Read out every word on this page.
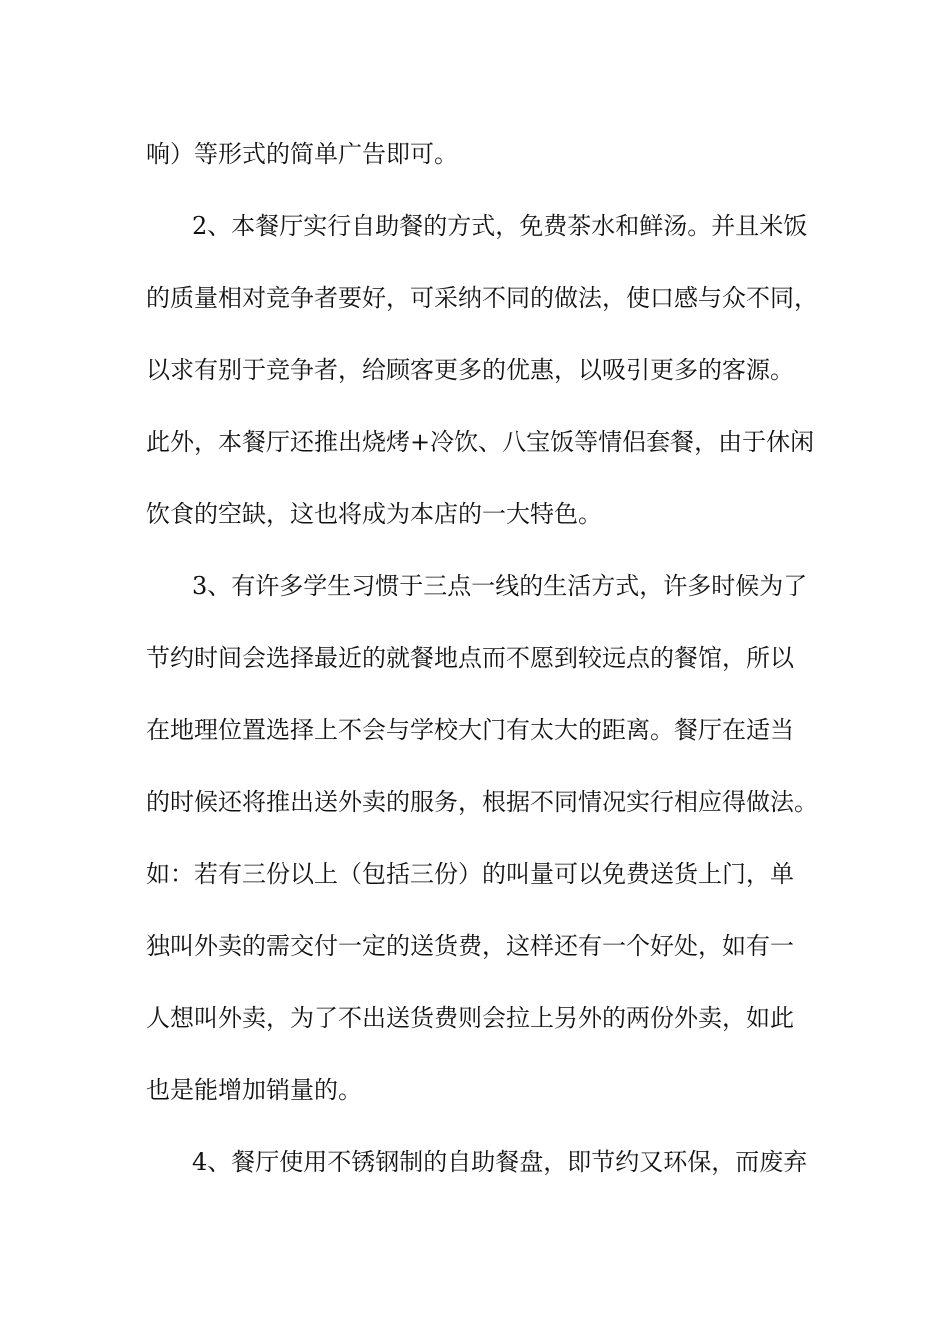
响）等形式的简单广告即可。
2、本餐厅实行自助餐的方式，免费茶水和鲜汤。并且米饭
的质量相对竞争者要好，可采纳不同的做法，使口感与众不同，
以求有别于竞争者，给顾客更多的优惠，以吸引更多的客源。
此外，本餐厅还推出烧烤+冷饮、八宝饭等情侣套餐，由于休闲
饮食的空缺，这也将成为本店的一大特色。
3、有许多学生习惯于三点一线的生活方式，许多时候为了
节约时间会选择最近的就餐地点而不愿到较远点的餐馆，所以
在地理位置选择上不会与学校大门有太大的距离。餐厅在适当
的时候还将推出送外卖的服务，根据不同情况实行相应得做法。
如：若有三份以上（包括三份）的叫量可以免费送货上门，单
独叫外卖的需交付一定的送货费，这样还有一个好处，如有一
人想叫外卖，为了不出送货费则会拉上另外的两份外卖，如此
也是能增加销量的。
4、餐厅使用不锈钢制的自助餐盘，即节约又环保，而废弃
